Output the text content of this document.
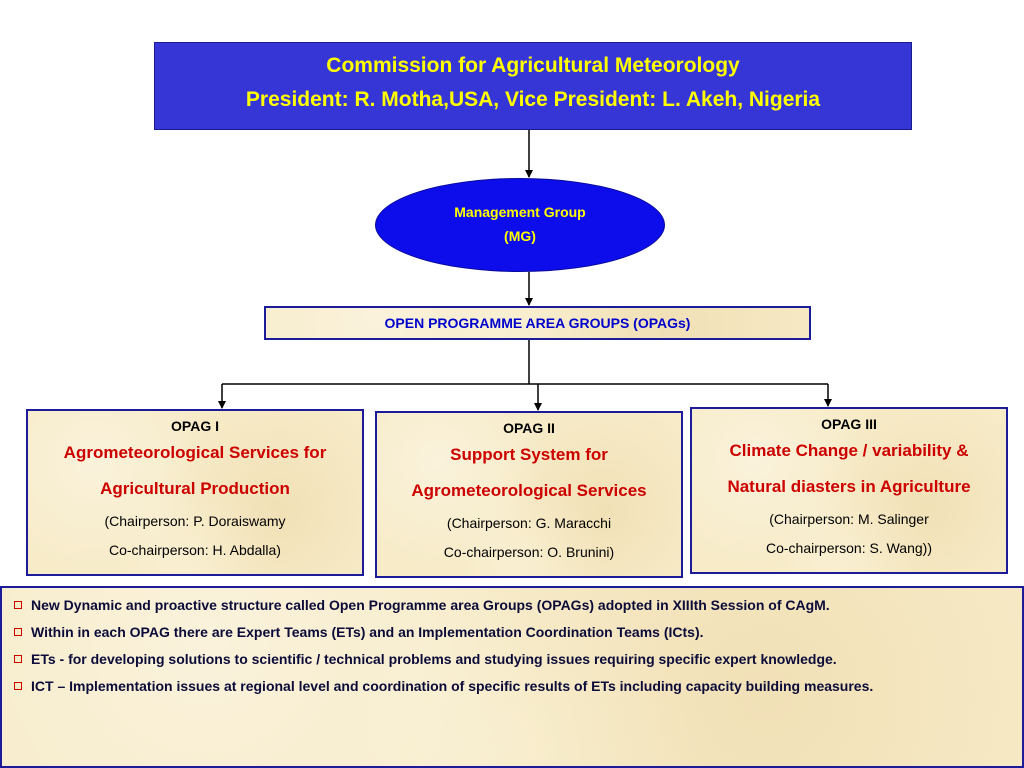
Commission for Agricultural Meteorology
President: R. Motha,USA, Vice President: L. Akeh, Nigeria
Management Group
(MG)
OPEN PROGRAMME AREA GROUPS (OPAGs)
OPAG I
Agrometeorological Services for
Agricultural Production
(Chairperson: P. Doraiswamy
Co-chairperson: H. Abdalla)
OPAG II
Support System for
Agrometeorological Services
(Chairperson: G. Maracchi
Co-chairperson: O. Brunini)
OPAG III
Climate Change / variability &
Natural diasters in Agriculture
(Chairperson: M. Salinger
Co-chairperson: S. Wang))
New Dynamic and proactive structure called Open Programme area Groups (OPAGs) adopted in XIIIth Session of CAgM.
Within in each OPAG there are Expert Teams (ETs) and an Implementation Coordination Teams (ICts).
ETs - for developing solutions to scientific / technical problems and studying issues requiring specific expert knowledge.
ICT – Implementation issues at regional level and coordination of specific results of ETs including capacity building measures.
